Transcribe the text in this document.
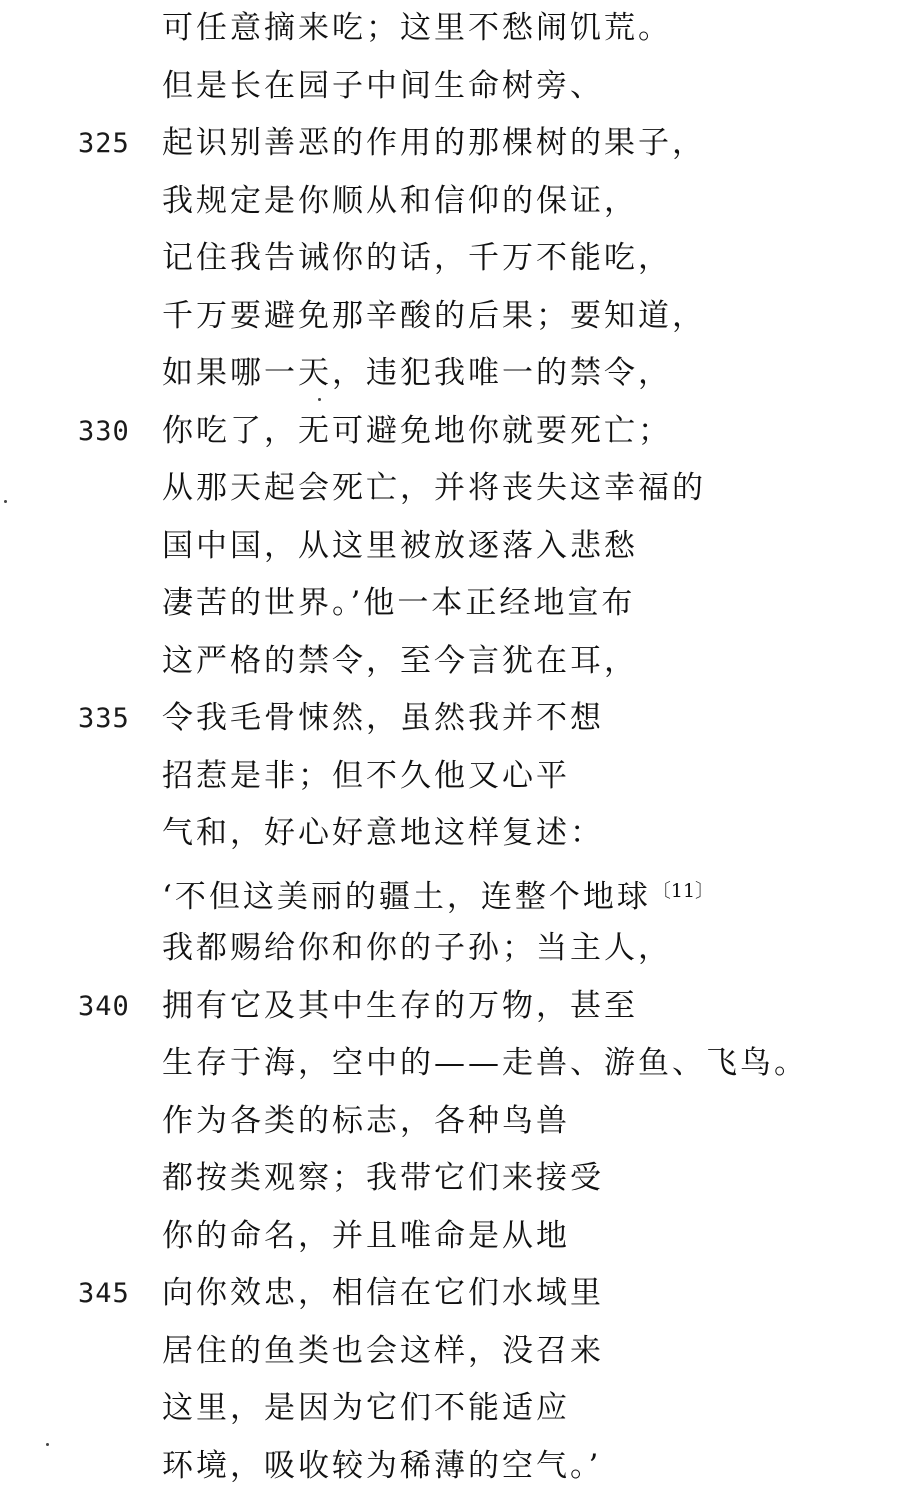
可任意摘来吃；这里不愁闹饥荒。
但是长在园子中间生命树旁、
325	起识别善恶的作用的那棵树的果子，
我规定是你顺从和信仰的保证，
记住我告诫你的话，千万不能吃，
千万要避免那辛酸的后果；要知道，
如果哪一天，违犯我唯一的禁令，
330	你吃了，无可避免地你就要死亡；
从那天起会死亡，并将丧失这幸福的
国中国，从这里被放逐落入悲愁
凄苦的世界。’他一本正经地宣布
这严格的禁令，至今言犹在耳，
335	令我毛骨悚然，虽然我并不想
招惹是非；但不久他又心平
气和，好心好意地这样复述：
‘不但这美丽的疆土，连整个地球$^{〔11〕}$
我都赐给你和你的子孙；当主人，
340	拥有它及其中生存的万物，甚至
生存于海，空中的——走兽、游鱼、飞鸟。
作为各类的标志，各种鸟兽
都按类观察；我带它们来接受
你的命名，并且唯命是从地
345	向你效忠，相信在它们水域里
居住的鱼类也会这样，没召来
这里，是因为它们不能适应
环境，吸收较为稀薄的空气。’
